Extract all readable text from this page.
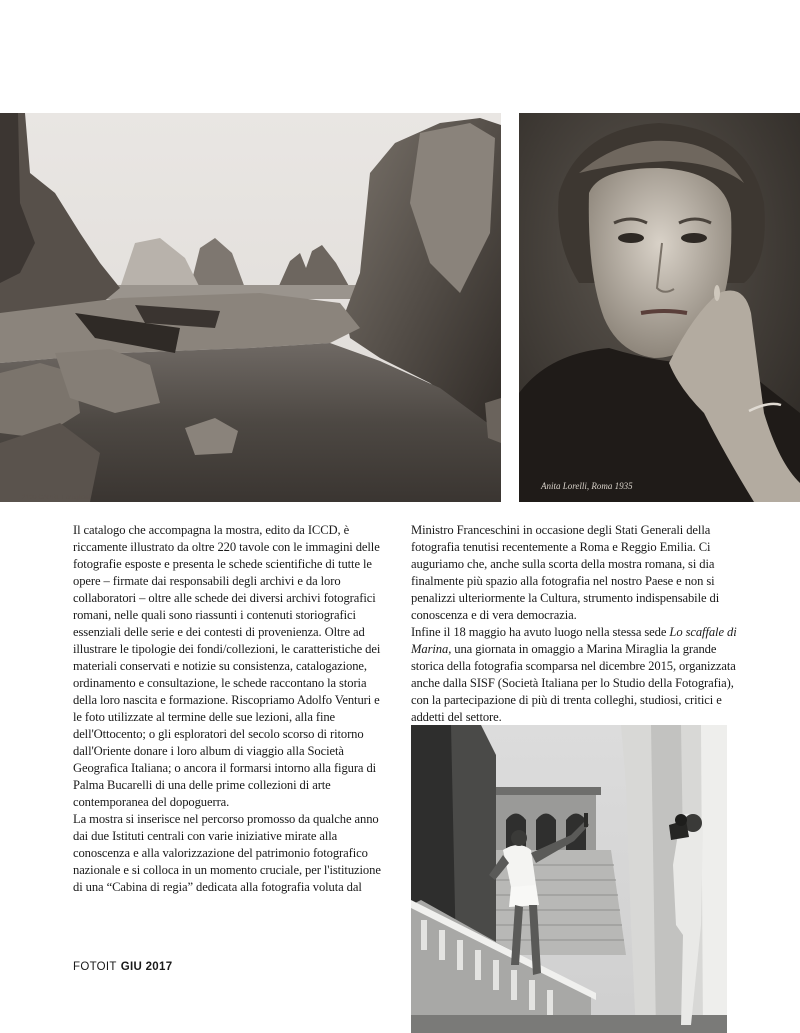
2100 CAPRI. Faraglioni
Anita Lorelli, Roma 1935

Il catalogo che accompagna la mostra, edito da ICCD, è riccamente illustrato da oltre 220 tavole con le immagini delle fotografie esposte e presenta le schede scientifiche di tutte le opere – firmate dai responsabili degli archivi e da loro collaboratori – oltre alle schede dei diversi archivi fotografici romani, nelle quali sono riassunti i contenuti storiografici essenziali delle serie e dei contesti di provenienza. Oltre ad illustrare le tipologie dei fondi/collezioni, le caratteristiche dei materiali conservati e notizie su consistenza, catalogazione, ordinamento e consultazione, le schede raccontano la storia della loro nascita e formazione. Riscopriamo Adolfo Venturi e le foto utilizzate al termine delle sue lezioni, alla fine dell'Ottocento; o gli esploratori del secolo scorso di ritorno dall'Oriente donare i loro album di viaggio alla Società Geografica Italiana; o ancora il formarsi intorno alla figura di Palma Bucarelli di una delle prime collezioni di arte contemporanea del dopoguerra.

La mostra si inserisce nel percorso promosso da qualche anno dai due Istituti centrali con varie iniziative mirate alla conoscenza e alla valorizzazione del patrimonio fotografico nazionale e si colloca in un momento cruciale, per l'istituzione di una “Cabina di regia” dedicata alla fotografia voluta dal

Ministro Franceschini in occasione degli Stati Generali della fotografia tenutisi recentemente a Roma e Reggio Emilia. Ci auguriamo che, anche sulla scorta della mostra romana, si dia finalmente più spazio alla fotografia nel nostro Paese e non si penalizzi ulteriormente la Cultura, strumento indispensabile di conoscenza e di vera democrazia.

Infine il 18 maggio ha avuto luogo nella stessa sede Lo scaffale di Marina, una giornata in omaggio a Marina Miraglia la grande storica della fotografia scomparsa nel dicembre 2015, organizzata anche dalla SISF (Società Italiana per lo Studio della Fotografia), con la partecipazione di più di trenta colleghi, studiosi, critici e addetti del settore.

FOTOIT GIU 2017
